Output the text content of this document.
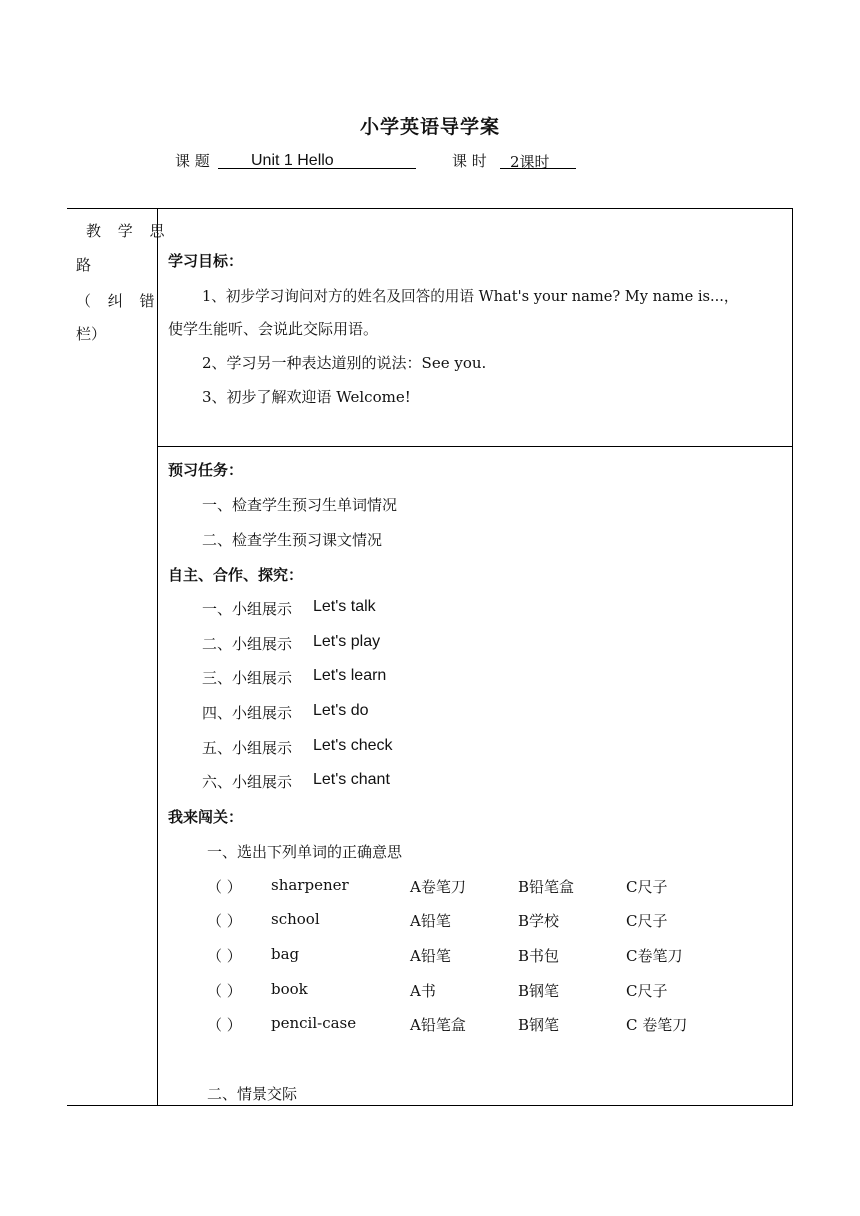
小学英语导学案
课 题	Unit 1 Hello	课 时 2课时
教 学 思
路
（ 纠 错
栏）
学习目标：
1、初步学习询问对方的姓名及回答的用语 What's your name? My name is...，
使学生能听、会说此交际用语。
2、学习另一种表达道别的说法：See you.
3、初步了解欢迎语 Welcome!
预习任务：
一、检查学生预习生单词情况
二、检查学生预习课文情况
自主、合作、探究：
一、小组展示 Let's talk
二、小组展示 Let's play
三、小组展示 Let's learn
四、小组展示 Let's do
五、小组展示 Let's check
六、小组展示 Let's chant
我来闯关：
一、选出下列单词的正确意思
（ ） sharpener	A卷笔刀	B铅笔盒	C尺子
（ ） school	A铅笔	B学校	C尺子
（ ） bag	A铅笔	B书包	C卷笔刀
（ ） book	A书	B钢笔	C尺子
（ ） pencil-case	A铅笔盒	B钢笔	C 卷笔刀
二、情景交际
